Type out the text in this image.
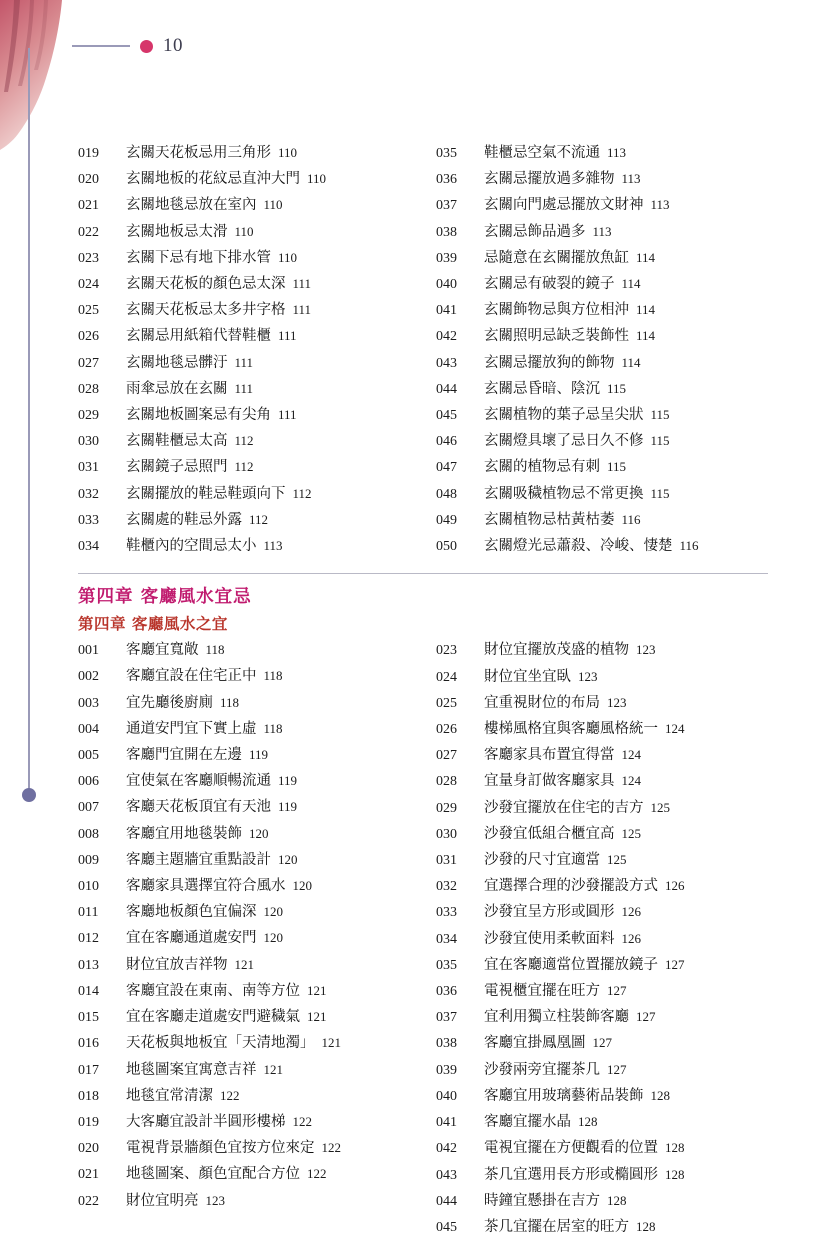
10
019	玄關天花板忌用三角形 110
020	玄關地板的花紋忌直沖大門 110
021	玄關地毯忌放在室內 110
022	玄關地板忌太滑 110
023	玄關下忌有地下排水管 110
024	玄關天花板的顏色忌太深 111
025	玄關天花板忌太多井字格 111
026	玄關忌用紙箱代替鞋櫃 111
027	玄關地毯忌髒汙 111
028	雨傘忌放在玄關 111
029	玄關地板圖案忌有尖角 111
030	玄關鞋櫃忌太高 112
031	玄關鏡子忌照門 112
032	玄關擺放的鞋忌鞋頭向下 112
033	玄關處的鞋忌外露 112
034	鞋櫃內的空間忌太小 113
035	鞋櫃忌空氣不流通 113
036	玄關忌擺放過多雜物 113
037	玄關向門處忌擺放文財神 113
038	玄關忌飾品過多 113
039	忌隨意在玄關擺放魚缸 114
040	玄關忌有破裂的鏡子 114
041	玄關飾物忌與方位相沖 114
042	玄關照明忌缺乏裝飾性 114
043	玄關忌擺放狗的飾物 114
044	玄關忌昏暗、陰沉 115
045	玄關植物的葉子忌呈尖狀 115
046	玄關燈具壞了忌日久不修 115
047	玄關的植物忌有刺 115
048	玄關吸穢植物忌不常更換 115
049	玄關植物忌枯黃枯萎 116
050	玄關燈光忌蕭殺、冷峻、悽楚 116
第四章 客廳風水宜忌
第四章 客廳風水之宜
001	客廳宜寬敞 118
002	客廳宜設在住宅正中 118
003	宜先廳後廚廁 118
004	通道安門宜下實上虛 118
005	客廳門宜開在左邊 119
006	宜使氣在客廳順暢流通 119
007	客廳天花板頂宜有天池 119
008	客廳宜用地毯裝飾 120
009	客廳主題牆宜重點設計 120
010	客廳家具選擇宜符合風水 120
011	客廳地板顏色宜偏深 120
012	宜在客廳通道處安門 120
013	財位宜放吉祥物 121
014	客廳宜設在東南、南等方位 121
015	宜在客廳走道處安門避穢氣 121
016	天花板與地板宜「天清地濁」 121
017	地毯圖案宜寓意吉祥 121
018	地毯宜常清潔 122
019	大客廳宜設計半圓形樓梯 122
020	電視背景牆顏色宜按方位來定 122
021	地毯圖案、顏色宜配合方位 122
022	財位宜明亮 123
023	財位宜擺放茂盛的植物 123
024	財位宜坐宜臥 123
025	宜重視財位的布局 123
026	樓梯風格宜與客廳風格統一 124
027	客廳家具布置宜得當 124
028	宜量身訂做客廳家具 124
029	沙發宜擺放在住宅的吉方 125
030	沙發宜低組合櫃宜高 125
031	沙發的尺寸宜適當 125
032	宜選擇合理的沙發擺設方式 126
033	沙發宜呈方形或圓形 126
034	沙發宜使用柔軟面料 126
035	宜在客廳適當位置擺放鏡子 127
036	電視櫃宜擺在旺方 127
037	宜利用獨立柱裝飾客廳 127
038	客廳宜掛鳳凰圖 127
039	沙發兩旁宜擺茶几 127
040	客廳宜用玻璃藝術品裝飾 128
041	客廳宜擺水晶 128
042	電視宜擺在方便觀看的位置 128
043	茶几宜選用長方形或橢圓形 128
044	時鐘宜懸掛在吉方 128
045	茶几宜擺在居室的旺方 128
